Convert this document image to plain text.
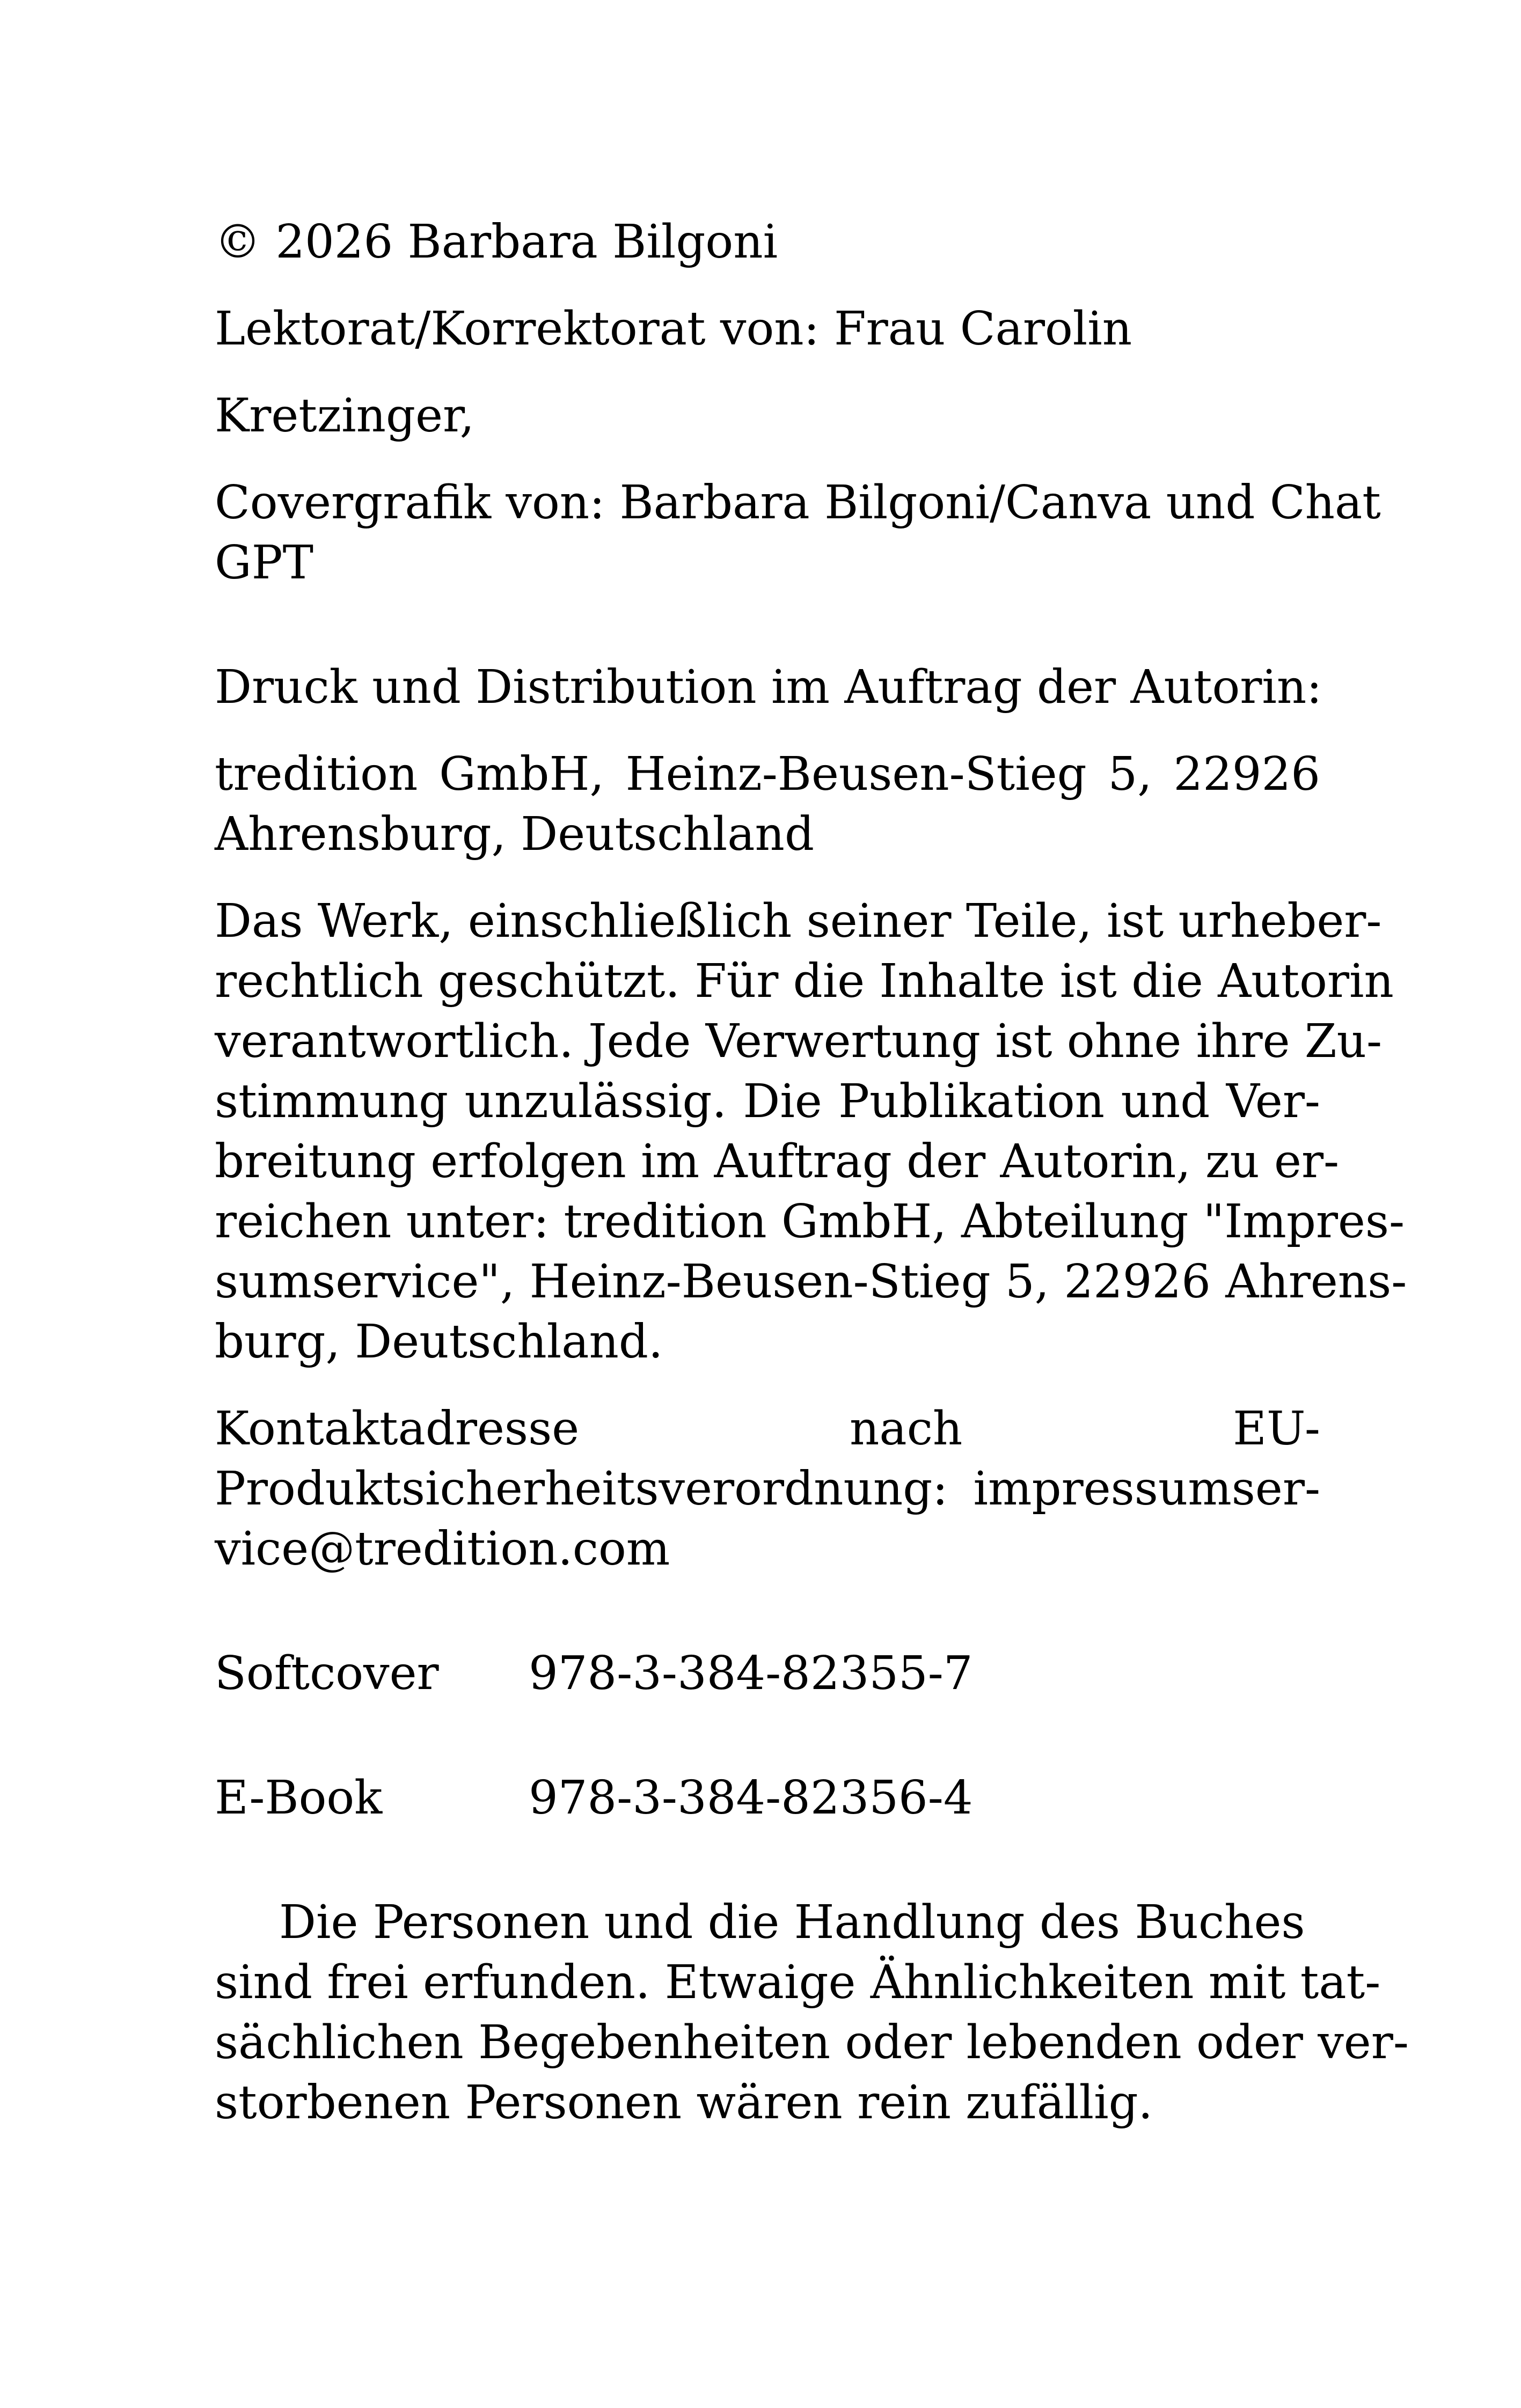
© 2026 Barbara Bilgoni

Lektorat/Korrektorat von: Frau Carolin

Kretzinger,

Covergrafik von: Barbara Bilgoni/Canva und Chat

GPT

Druck und Distribution im Auftrag der Autorin:

tredition GmbH, Heinz-Beusen-Stieg 5, 22926

Ahrensburg, Deutschland

Das Werk, einschließlich seiner Teile, ist urheber-

rechtlich geschützt. Für die Inhalte ist die Autorin

verantwortlich. Jede Verwertung ist ohne ihre Zu-

stimmung unzulässig. Die Publikation und Ver-

breitung erfolgen im Auftrag der Autorin, zu er-

reichen unter: tredition GmbH, Abteilung "Impres-

sumservice", Heinz-Beusen-Stieg 5, 22926 Ahrens-

burg, Deutschland.

Kontaktadresse	nach	EU-

Produktsicherheitsverordnung: impressumser-

vice@tredition.com

Softcover	978-3-384-82355-7
E-Book	978-3-384-82356-4

Die Personen und die Handlung des Buches

sind frei erfunden. Etwaige Ähnlichkeiten mit tat-

sächlichen Begebenheiten oder lebenden oder ver-

storbenen Personen wären rein zufällig.
